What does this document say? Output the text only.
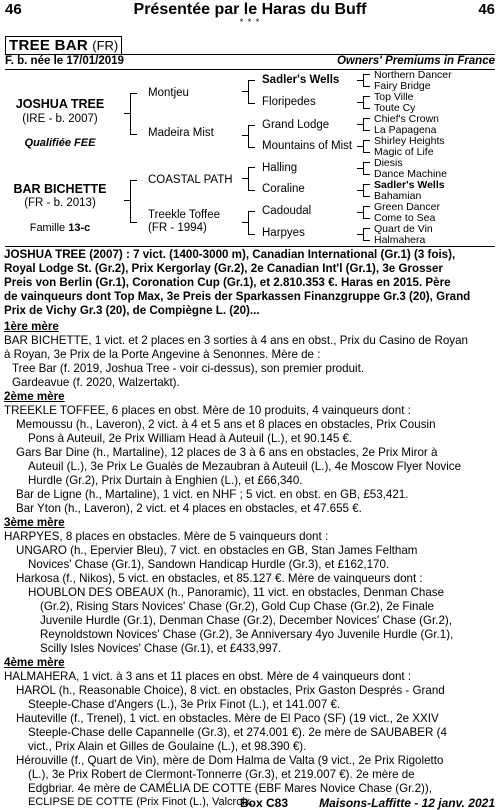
46	Présentée par le Haras du Buff	46
* * *
TREE BAR (FR)
F. b. née le 17/01/2019	Owners' Premiums in France
JOSHUA TREE
(IRE - b. 2007)
Qualifiée FEE
BAR BICHETTE
(FR - b. 2013)
Famille 13-c
Montjeu
Madeira Mist
COASTAL PATH
Treekle Toffee
(FR - 1994)
Sadler's Wells
Floripedes
Grand Lodge
Mountains of Mist
Halling
Coraline
Cadoudal
Harpyes
Northern Dancer
Fairy Bridge
Top Ville
Toute Cy
Chief's Crown
La Papagena
Shirley Heights
Magic of Life
Diesis
Dance Machine
Sadler's Wells
Bahamian
Green Dancer
Come to Sea
Quart de Vin
Halmahera
JOSHUA TREE (2007) : 7 vict. (1400-3000 m), Canadian International (Gr.1) (3 fois),
Royal Lodge St. (Gr.2), Prix Kergorlay (Gr.2), 2e Canadian Int'l (Gr.1), 3e Grosser
Preis von Berlin (Gr.1), Coronation Cup (Gr.1), et 2.810.353 €. Haras en 2015. Père
de vainqueurs dont Top Max, 3e Preis der Sparkassen Finanzgruppe Gr.3 (20), Grand
Prix de Vichy Gr.3 (20), de Compiègne L. (20)...
1ère mère
BAR BICHETTE, 1 vict. et 2 places en 3 sorties à 4 ans en obst., Prix du Casino de Royan
à Royan, 3e Prix de la Porte Angevine à Senonnes. Mère de :
Tree Bar (f. 2019, Joshua Tree - voir ci-dessus), son premier produit.
Gardeavue (f. 2020, Walzertakt).
2ème mère
TREEKLE TOFFEE, 6 places en obst. Mère de 10 produits, 4 vainqueurs dont :
Memoussu (h., Laveron), 2 vict. à 4 et 5 ans et 8 places en obstacles, Prix Cousin
Pons à Auteuil, 2e Prix William Head à Auteuil (L.), et 90.145 €.
Gars Bar Dine (h., Martaline), 12 places de 3 à 6 ans en obstacles, 2e Prix Miror à
Auteuil (L.), 3e Prix Le Gualès de Mezaubran à Auteuil (L.), 4e Moscow Flyer Novice
Hurdle (Gr.2), Prix Durtain à Enghien (L.), et £66,340.
Bar de Ligne (h., Martaline), 1 vict. en NHF ; 5 vict. en obst. en GB, £53,421.
Bar Yton (h., Laveron), 2 vict. et 4 places en obstacles, et 47.655 €.
3ème mère
HARPYES, 8 places en obstacles. Mère de 5 vainqueurs dont :
UNGARO (h., Epervier Bleu), 7 vict. en obstacles en GB, Stan James Feltham
Novices' Chase (Gr.1), Sandown Handicap Hurdle (Gr.3), et £162,170.
Harkosa (f., Nikos), 5 vict. en obstacles, et 85.127 €. Mère de vainqueurs dont :
HOUBLON DES OBEAUX (h., Panoramic), 11 vict. en obstacles, Denman Chase
(Gr.2), Rising Stars Novices' Chase (Gr.2), Gold Cup Chase (Gr.2), 2e Finale
Juvenile Hurdle (Gr.1), Denman Chase (Gr.2), December Novices' Chase (Gr.2),
Reynoldstown Novices' Chase (Gr.2), 3e Anniversary 4yo Juvenile Hurdle (Gr.1),
Scilly Isles Novices' Chase (Gr.1), et £433,997.
4ème mère
HALMAHERA, 1 vict. à 3 ans et 11 places en obst. Mère de 4 vainqueurs dont :
HAROL (h., Reasonable Choice), 8 vict. en obstacles, Prix Gaston Després - Grand
Steeple-Chase d'Angers (L.), 3e Prix Finot (L.), et 141.007 €.
Hauteville (f., Trenel), 1 vict. en obstacles. Mère de El Paco (SF) (19 vict., 2e XXIV
Steeple-Chase delle Capannelle (Gr.3), et 274.001 €). 2e mère de SAUBABER (4
vict., Prix Alain et Gilles de Goulaine (L.), et 98.390 €).
Hérouville (f., Quart de Vin), mère de Dom Halma de Valta (9 vict., 2e Prix Rigoletto
(L.), 3e Prix Robert de Clermont-Tonnerre (Gr.3), et 219.007 €). 2e mère de
Edgbriar. 4e mère de CAMÉLIA DE COTTE (EBF Mares Novice Chase (Gr.2)),
ECLIPSE DE COTTE (Prix Finot (L.), Valcroix.
Box C83	Maisons-Laffitte - 12 janv. 2021
